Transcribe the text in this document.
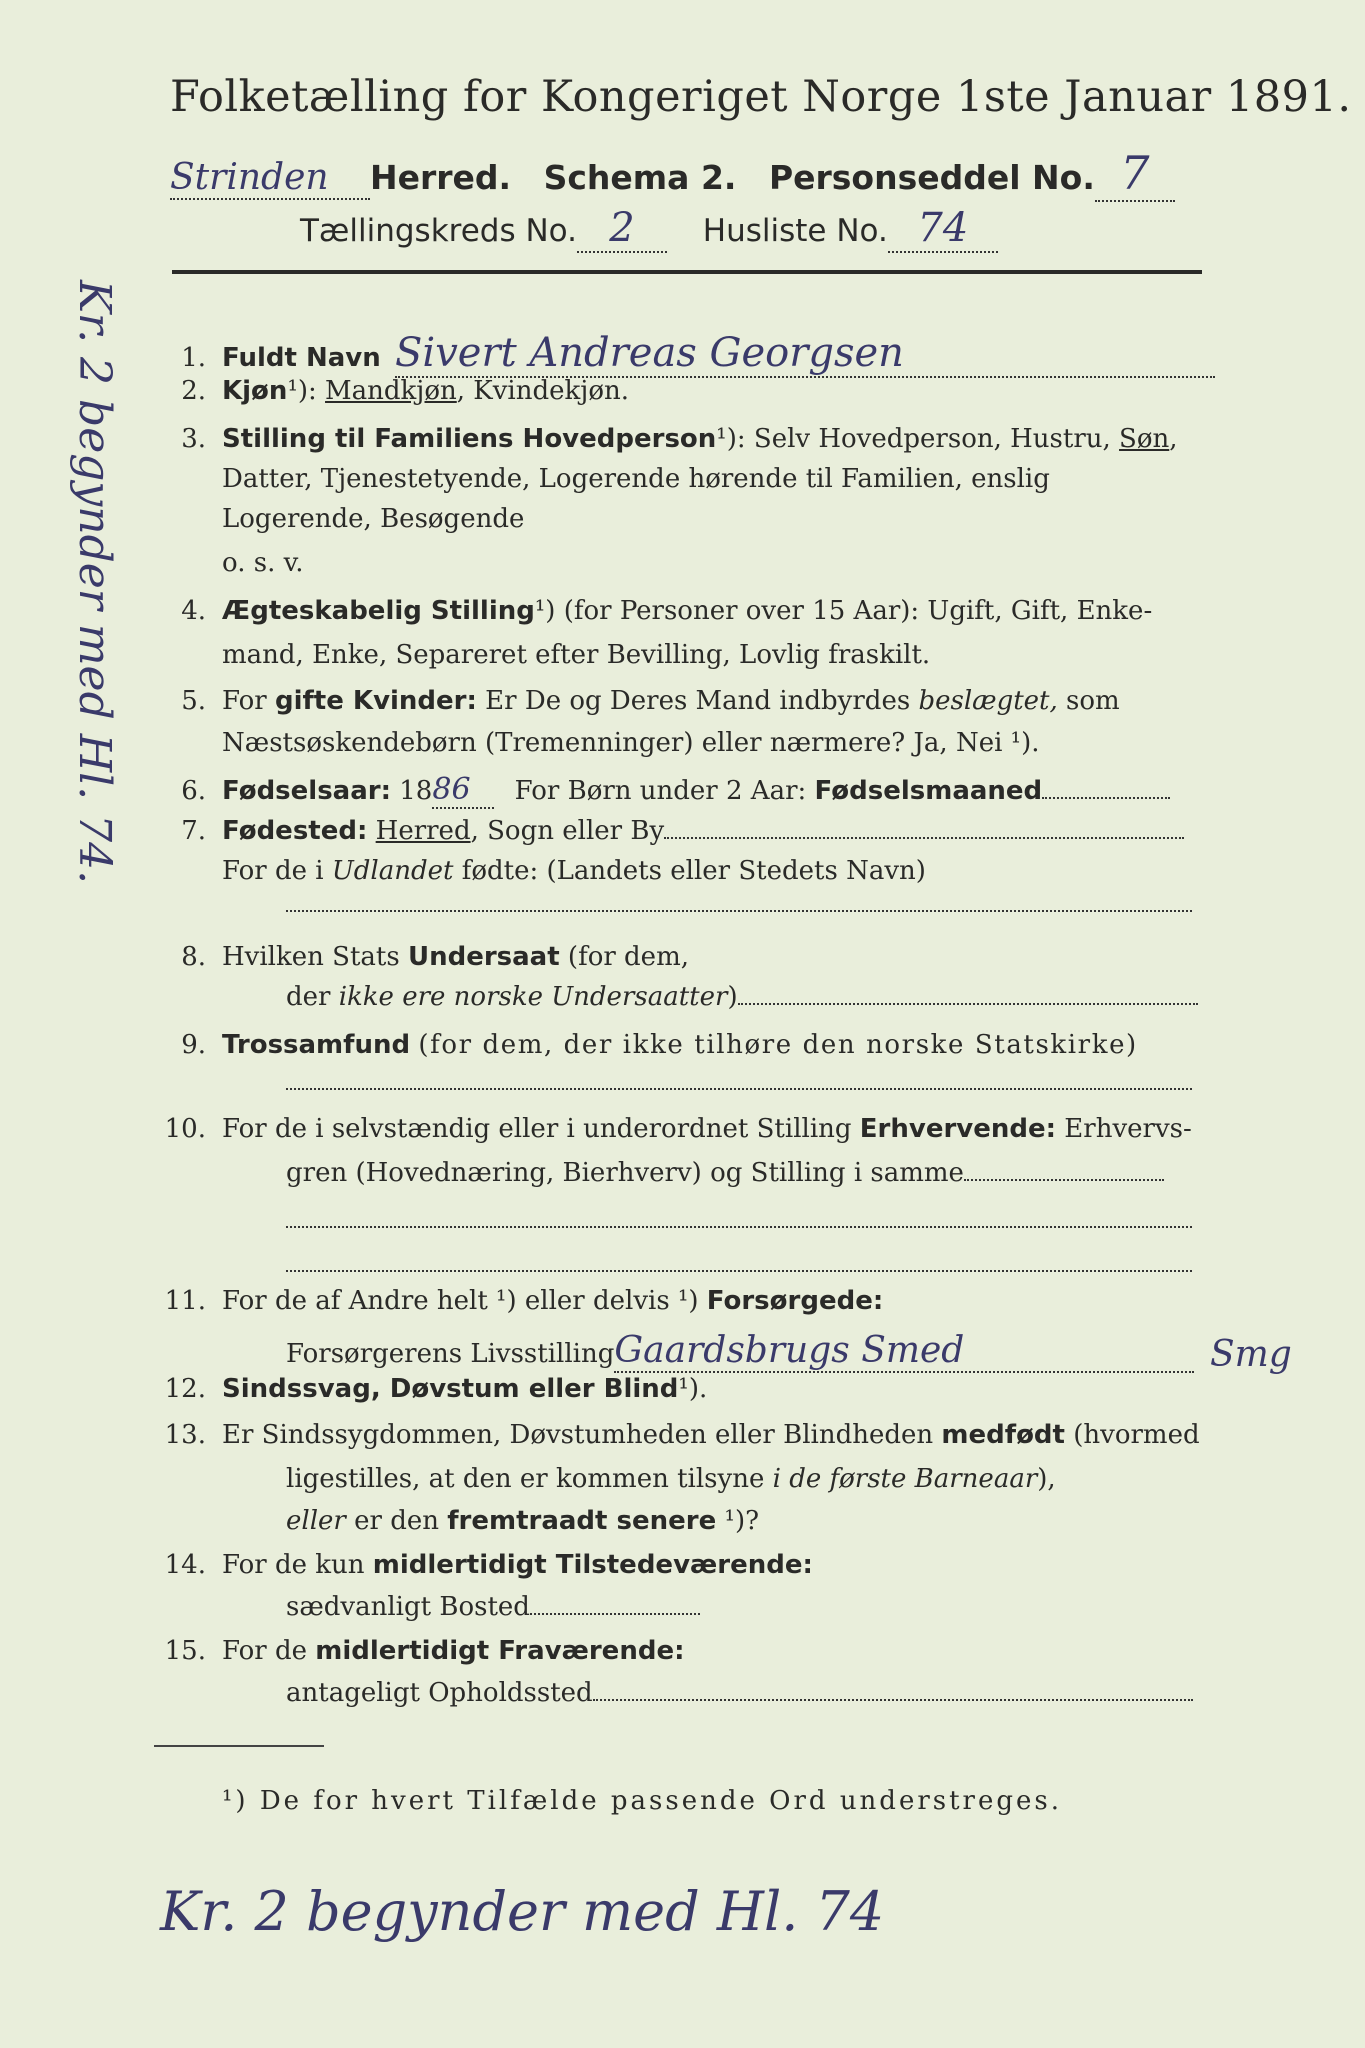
Folketælling for Kongeriget Norge 1ste Januar 1891.
Strinden Herred. Schema 2. Personseddel No. 7
Tællingskreds No. 2 Husliste No. 74
Kr. 2 begynder med Hl. 74.	1. Fuldt Navn Sivert Andreas Georgsen
2. Kjøn¹): Mandkjøn, Kvindekjøn.
3. Stilling til Familiens Hovedperson¹): Selv Hovedperson, Hustru, Søn,
Datter, Tjenestetyende, Logerende hørende til Familien, enslig
Logerende, Besøgende
o. s. v.
4. Ægteskabelig Stilling¹) (for Personer over 15 Aar): Ugift, Gift, Enke-
mand, Enke, Separeret efter Bevilling, Lovlig fraskilt.
5. For gifte Kvinder: Er De og Deres Mand indbyrdes beslægtet, som
Næstsøskendebørn (Tremenninger) eller nærmere? Ja, Nei ¹).
6. Fødselsaar: 1886 For Børn under 2 Aar: Fødselsmaaned
7. Fødested: Herred, Sogn eller By
For de i Udlandet fødte: (Landets eller Stedets Navn)
8. Hvilken Stats Undersaat (for dem,
der ikke ere norske Undersaatter)
9. Trossamfund (for dem, der ikke tilhøre den norske Statskirke)
10. For de i selvstændig eller i underordnet Stilling Erhvervende: Erhvervs-
gren (Hovednæring, Bierhverv) og Stilling i samme
11. For de af Andre helt ¹) eller delvis ¹) Forsørgede:
Forsørgerens LivsstillingGaardsbrugs Smed	Smg
12. Sindssvag, Døvstum eller Blind¹).
13. Er Sindssygdommen, Døvstumheden eller Blindheden medfødt (hvormed
ligestilles, at den er kommen tilsyne i de første Barneaar),
eller er den fremtraadt senere ¹)?
14. For de kun midlertidigt Tilstedeværende:
sædvanligt Bosted
15. For de midlertidigt Fraværende:
antageligt Opholdssted
¹) De for hvert Tilfælde passende Ord understreges.
Kr. 2 begynder med Hl. 74
